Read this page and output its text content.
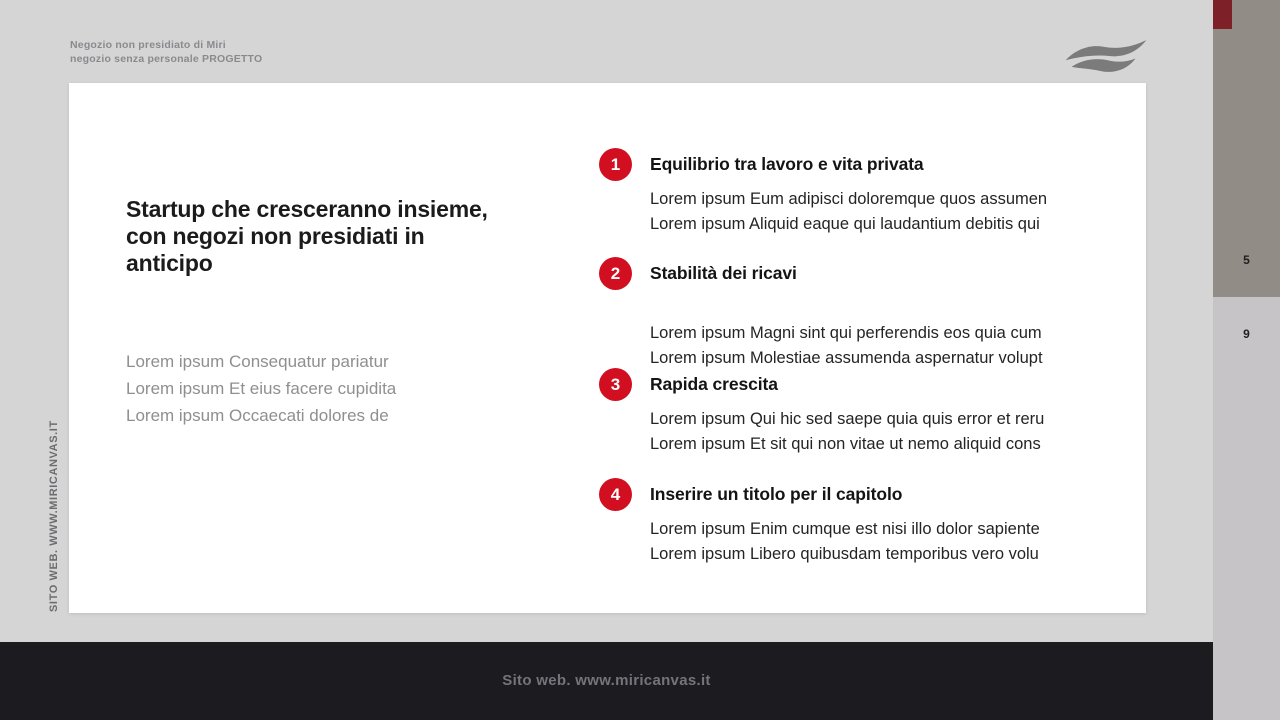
Negozio non presidiato di Miri
negozio senza personale PROGETTO
5
9
Sito web. www.miricanvas.it
SITO WEB. WWW.MIRICANVAS.IT
Startup che cresceranno insieme,
con negozi non presidiati in
anticipo
Lorem ipsum Consequatur pariatur
Lorem ipsum Et eius facere cupidita
Lorem ipsum Occaecati dolores de
1	Equilibrio tra lavoro e vita privata
Lorem ipsum Eum adipisci doloremque quos assumen
Lorem ipsum Aliquid eaque qui laudantium debitis qui
2	Stabilità dei ricavi
Lorem ipsum Magni sint qui perferendis eos quia cum
Lorem ipsum Molestiae assumenda aspernatur volupt
3	Rapida crescita
Lorem ipsum Qui hic sed saepe quia quis error et reru
Lorem ipsum Et sit qui non vitae ut nemo aliquid cons
4	Inserire un titolo per il capitolo
Lorem ipsum Enim cumque est nisi illo dolor sapiente
Lorem ipsum Libero quibusdam temporibus vero volu
